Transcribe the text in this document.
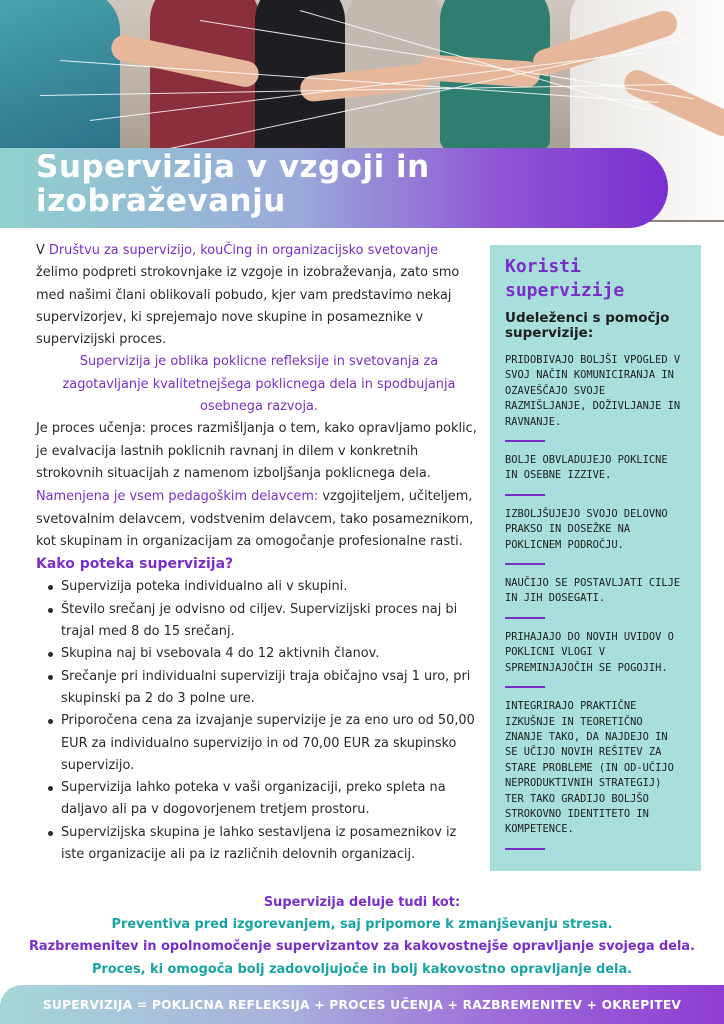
Supervizija v vzgoji in izobraževanju

V Društvu za supervizijo, kouČing in organizacijsko svetovanje želimo podpreti strokovnjake iz vzgoje in izobraževanja, zato smo med našimi člani oblikovali pobudo, kjer vam predstavimo nekaj supervizorjev, ki sprejemajo nove skupine in posameznike v supervizijski proces.

Supervizija je oblika poklicne refleksije in svetovanja za zagotavljanje kvalitetnejšega poklicnega dela in spodbujanja osebnega razvoja.

Je proces učenja: proces razmišljanja o tem, kako opravljamo poklic, je evalvacija lastnih poklicnih ravnanj in dilem v konkretnih strokovnih situacijah z namenom izboljšanja poklicnega dela.

Namenjena je vsem pedagoškim delavcem: vzgojiteljem, učiteljem, svetovalnim delavcem, vodstvenim delavcem, tako posameznikom, kot skupinam in organizacijam za omogočanje profesionalne rasti.

Kako poteka supervizija?

Supervizija poteka individualno ali v skupini.
Število srečanj je odvisno od ciljev. Supervizijski proces naj bi trajal med 8 do 15 srečanj.
Skupina naj bi vsebovala 4 do 12 aktivnih članov.
Srečanje pri individualni superviziji traja običajno vsaj 1 uro, pri skupinski pa 2 do 3 polne ure.
Priporočena cena za izvajanje supervizije je za eno uro od 50,00 EUR za individualno supervizijo in od 70,00 EUR za skupinsko supervizijo.
Supervizija lahko poteka v vaši organizaciji, preko spleta na daljavo ali pa v dogovorjenem tretjem prostoru.
Supervizijska skupina je lahko sestavljena iz posameznikov iz iste organizacije ali pa iz različnih delovnih organizacij.
Koristi supervizije
Udeleženci s pomočjo supervizije:
PRIDOBIVAJO BOLJŠI VPOGLED V SVOJ NAČIN KOMUNICIRANJA IN OZAVEŠČAJO SVOJE RAZMIŠLJANJE, DOŽIVLJANJE IN RAVNANJE.
BOLJE OBVLADUJEJO POKLICNE IN OSEBNE IZZIVE.
IZBOLJŠUJEJO SVOJO DELOVNO PRAKSO IN DOSEŽKE NA POKLICNEM PODROČJU.
NAUČIJO SE POSTAVLJATI CILJE IN JIH DOSEGATI.
PRIHAJAJO DO NOVIH UVIDOV O POKLICNI VLOGI V SPREMINJAJOČIH SE POGOJIH.
INTEGRIRAJO PRAKTIČNE IZKUŠNJE IN TEORETIČNO ZNANJE TAKO, DA NAJDEJO IN SE UČIJO NOVIH REŠITEV ZA STARE PROBLEME (IN OD-UČIJO NEPRODUKTIVNIH STRATEGIJ) TER TAKO GRADIJO BOLJŠO STROKOVNO IDENTITETO IN KOMPETENCE.
Supervizija deluje tudi kot:
Preventiva pred izgorevanjem, saj pripomore k zmanjševanju stresa.
Razbremenitev in opolnomočenje supervizantov za kakovostnejše opravljanje svojega dela.
Proces, ki omogoča bolj zadovoljujoče in bolj kakovostno opravljanje dela.
SUPERVIZIJA = POKLICNA REFLEKSIJA + PROCES UČENJA + RAZBREMENITEV + OKREPITEV
